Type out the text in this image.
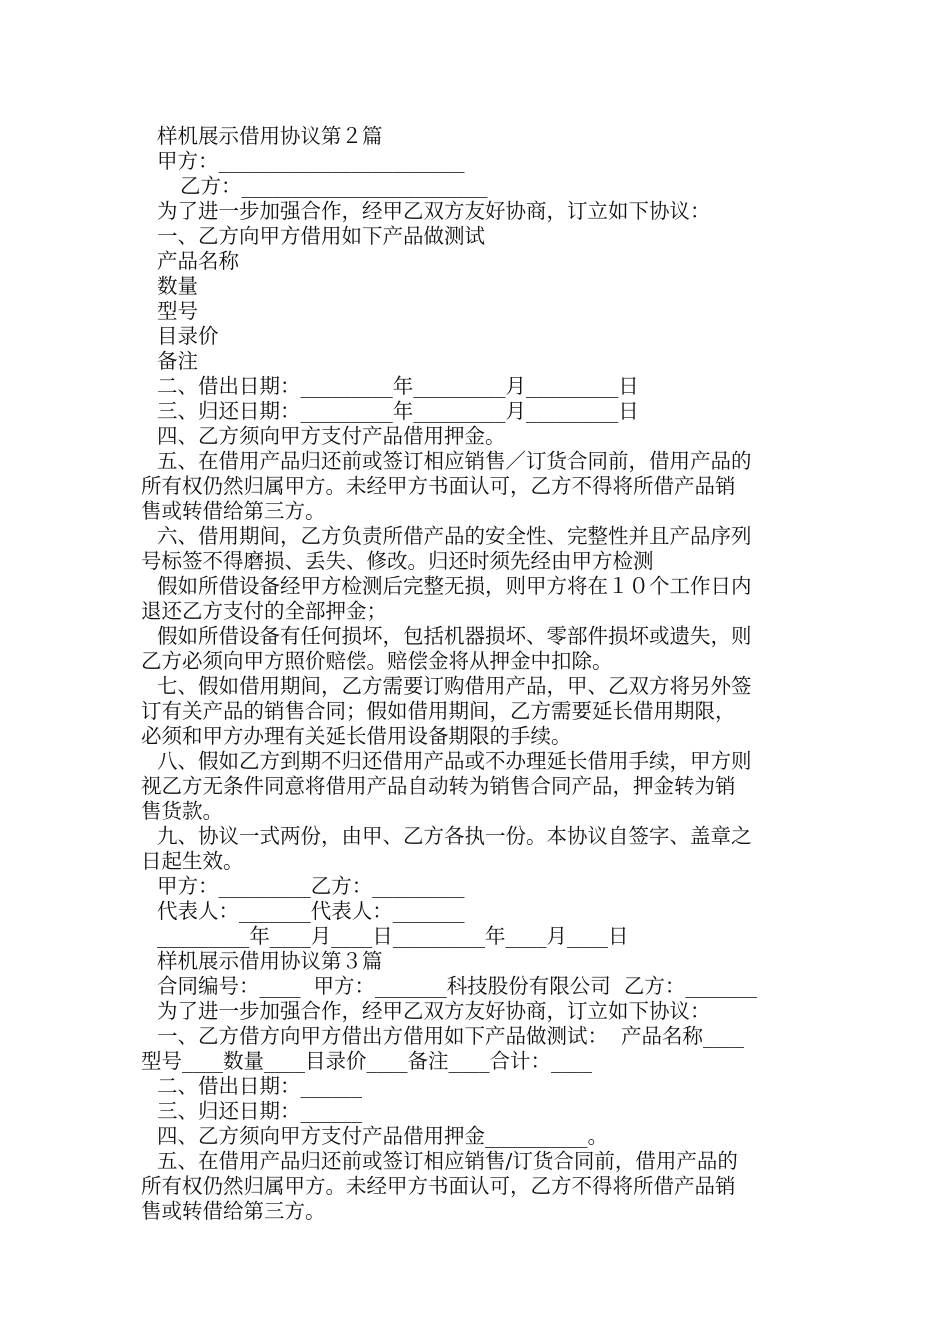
样机展示借用协议第２篇
甲方：________________________
乙方：________________________
为了进一步加强合作，经甲乙双方友好协商，订立如下协议：
一、乙方向甲方借用如下产品做测试
产品名称
数量
型号
目录价
备注
二、借出日期：_________年_________月_________日
三、归还日期：_________年_________月_________日
四、乙方须向甲方支付产品借用押金。
五、在借用产品归还前或签订相应销售／订货合同前，借用产品的
所有权仍然归属甲方。未经甲方书面认可，乙方不得将所借产品销
售或转借给第三方。
六、借用期间，乙方负责所借产品的安全性、完整性并且产品序列
号标签不得磨损、丢失、修改。归还时须先经由甲方检测
假如所借设备经甲方检测后完整无损，则甲方将在１０个工作日内
退还乙方支付的全部押金；
假如所借设备有任何损坏，包括机器损坏、零部件损坏或遗失，则
乙方必须向甲方照价赔偿。赔偿金将从押金中扣除。
七、假如借用期间，乙方需要订购借用产品，甲、乙双方将另外签
订有关产品的销售合同；假如借用期间，乙方需要延长借用期限，
必须和甲方办理有关延长借用设备期限的手续。
八、假如乙方到期不归还借用产品或不办理延长借用手续，甲方则
视乙方无条件同意将借用产品自动转为销售合同产品，押金转为销
售货款。
九、协议一式两份，由甲、乙方各执一份。本协议自签字、盖章之
日起生效。
甲方：_________乙方：_________
代表人：_______代表人：_______
_________年____月____日_________年____月____日
样机展示借用协议第３篇
合同编号：____  甲方：_______科技股份有限公司  乙方：_______
为了进一步加强合作，经甲乙双方友好协商，订立如下协议：
一、乙方借方向甲方借出方借用如下产品做测试：  产品名称____
型号____数量____目录价____备注____合计：____
二、借出日期：______
三、归还日期：______
四、乙方须向甲方支付产品借用押金__________。
五、在借用产品归还前或签订相应销售/订货合同前，借用产品的
所有权仍然归属甲方。未经甲方书面认可，乙方不得将所借产品销
售或转借给第三方。
